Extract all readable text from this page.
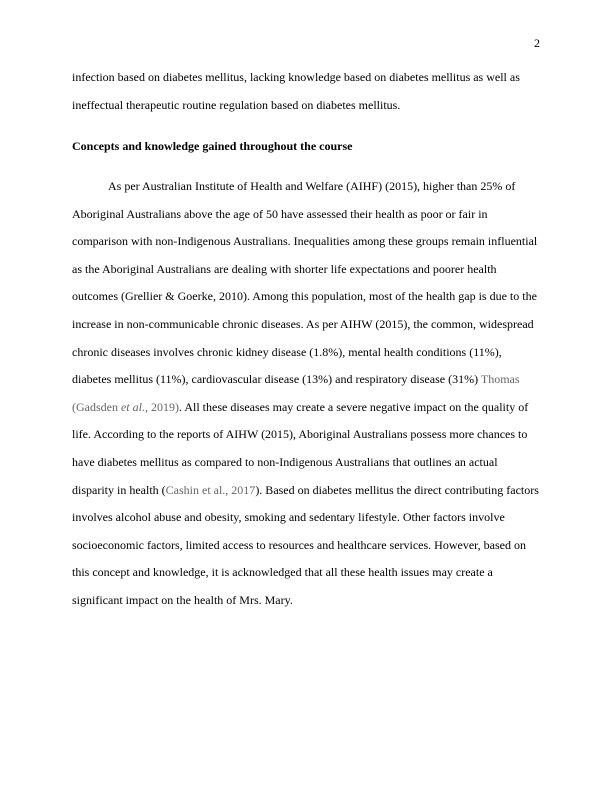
2
infection based on diabetes mellitus, lacking knowledge based on diabetes mellitus as well as
ineffectual therapeutic routine regulation based on diabetes mellitus.
Concepts and knowledge gained throughout the course
As per Australian Institute of Health and Welfare (AIHF) (2015), higher than 25% of
Aboriginal Australians above the age of 50 have assessed their health as poor or fair in
comparison with non-Indigenous Australians. Inequalities among these groups remain influential
as the Aboriginal Australians are dealing with shorter life expectations and poorer health
outcomes (Grellier & Goerke, 2010). Among this population, most of the health gap is due to the
increase in non-communicable chronic diseases. As per AIHW (2015), the common, widespread
chronic diseases involves chronic kidney disease (1.8%), mental health conditions (11%),
diabetes mellitus (11%), cardiovascular disease (13%) and respiratory disease (31%) Thomas
(Gadsden et al., 2019). All these diseases may create a severe negative impact on the quality of
life. According to the reports of AIHW (2015), Aboriginal Australians possess more chances to
have diabetes mellitus as compared to non-Indigenous Australians that outlines an actual
disparity in health (Cashin et al., 2017). Based on diabetes mellitus the direct contributing factors
involves alcohol abuse and obesity, smoking and sedentary lifestyle. Other factors involve
socioeconomic factors, limited access to resources and healthcare services. However, based on
this concept and knowledge, it is acknowledged that all these health issues may create a
significant impact on the health of Mrs. Mary.
